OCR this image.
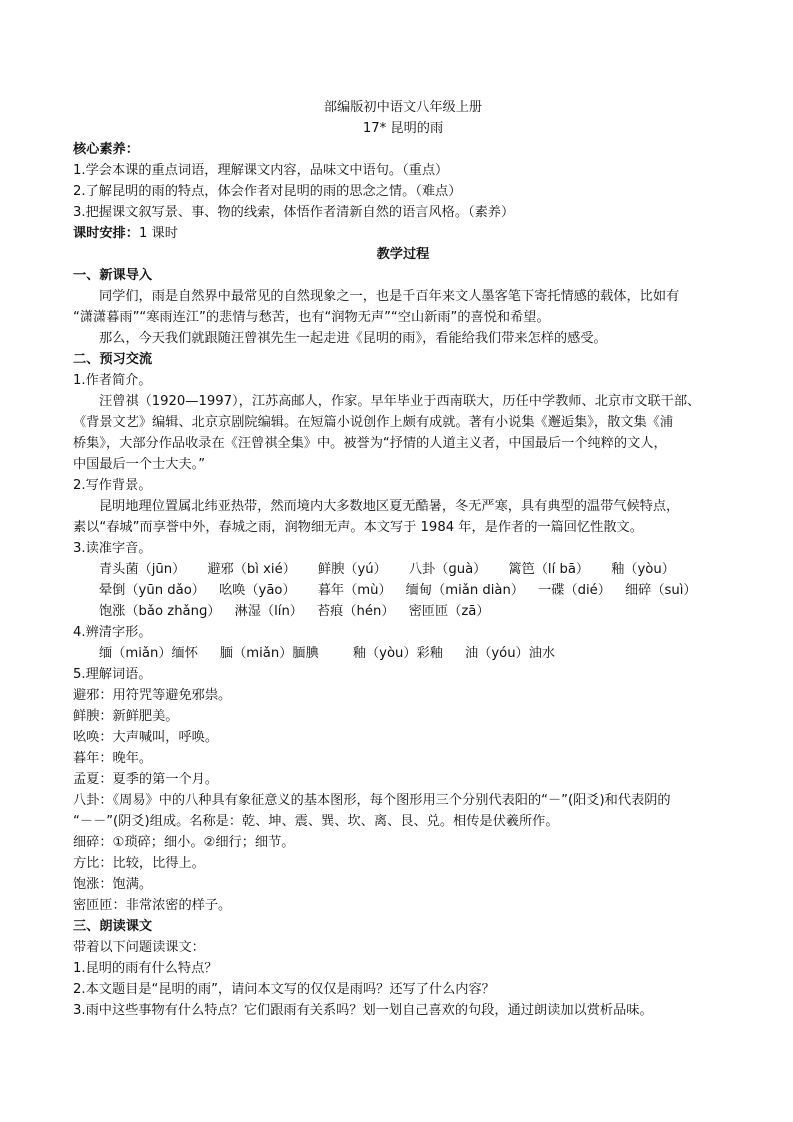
部编版初中语文八年级上册
17* 昆明的雨
核心素养：
1.学会本课的重点词语，理解课文内容，品味文中语句。（重点）
2.了解昆明的雨的特点，体会作者对昆明的雨的思念之情。（难点）
3.把握课文叙写景、事、物的线索，体悟作者清新自然的语言风格。（素养）
课时安排：1 课时
教学过程
一、新课导入
同学们，雨是自然界中最常见的自然现象之一，也是千百年来文人墨客笔下寄托情感的载体，比如有
“潇潇暮雨”“寒雨连江”的悲情与愁苦，也有“润物无声”“空山新雨”的喜悦和希望。
那么，今天我们就跟随汪曾祺先生一起走进《昆明的雨》，看能给我们带来怎样的感受。
二、预习交流
1.作者简介。
汪曾祺（1920—1997），江苏高邮人，作家。早年毕业于西南联大，历任中学教师、北京市文联干部、
《背景文艺》编辑、北京京剧院编辑。在短篇小说创作上颇有成就。著有小说集《邂逅集》，散文集《浦
桥集》，大部分作品收录在《汪曾祺全集》中。被誉为“抒情的人道主义者，中国最后一个纯粹的文人，
中国最后一个士大夫。”
2.写作背景。
昆明地理位置属北纬亚热带，然而境内大多数地区夏无酷暑，冬无严寒，具有典型的温带气候特点，
素以“春城”而享誉中外，春城之雨，润物细无声。本文写于 1984 年，是作者的一篇回忆性散文。
3.读准字音。
青头菌（jūn） 避邪（bì xié） 鲜腴（yú） 八卦（ɡuà） 篱笆（lí bā） 釉（yòu）
晕倒（yūn dǎo） 吆唤（yāo） 暮年（mù） 缅甸（miǎn diàn） 一碟（dié） 细碎（suì）
饱涨（bǎo zhǎnɡ） 淋湿（lín） 苔痕（hén） 密匝匝（zā）
4.辨清字形。
缅（miǎn）缅怀 腼（miǎn）腼腆	釉（yòu）彩釉 油（yóu）油水
5.理解词语。
避邪：用符咒等避免邪祟。
鲜腴：新鲜肥美。
吆唤：大声喊叫，呼唤。
暮年：晚年。
孟夏：夏季的第一个月。
八卦：《周易》中的八种具有象征意义的基本图形，每个图形用三个分别代表阳的“－”(阳爻)和代表阴的
“－－”(阴爻)组成。名称是：乾、坤、震、巽、坎、离、艮、兑。相传是伏羲所作。
细碎：①琐碎；细小。②细行；细节。
方比：比较，比得上。
饱涨：饱满。
密匝匝：非常浓密的样子。
三、朗读课文
带着以下问题读课文：
1.昆明的雨有什么特点？
2.本文题目是“昆明的雨”，请问本文写的仅仅是雨吗？还写了什么内容？
3.雨中这些事物有什么特点？它们跟雨有关系吗？划一划自己喜欢的句段，通过朗读加以赏析品味。
